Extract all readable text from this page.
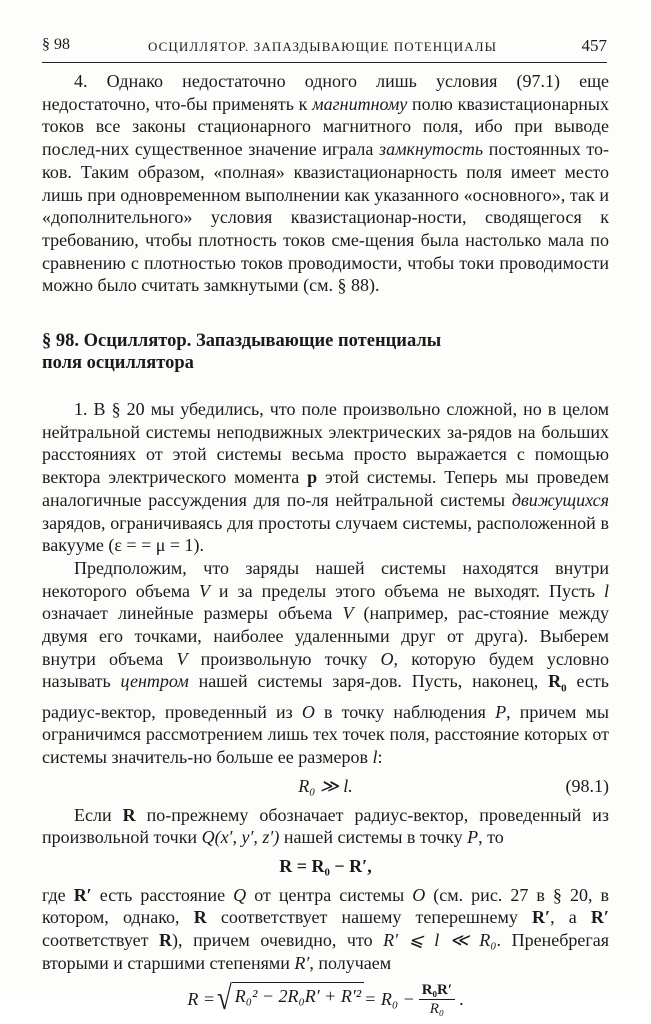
§ 98	ОСЦИЛЛЯТОР. ЗАПАЗДЫВАЮЩИЕ ПОТЕНЦИАЛЫ	457

4. Однако недостаточно одного лишь условия (97.1) еще недостаточно, что-бы применять к магнитному полю квазистационарных токов все законы стационарного магнитного поля, ибо при выводе послед-них существенное значение играла замкнутость постоянных то-ков. Таким образом, «полная» квазистационарность поля имеет место лишь при одновременном выполнении как указанного «основного», так и «дополнительного» условия квазистационар-ности, сводящегося к требованию, чтобы плотность токов сме-щения была настолько мала по сравнению с плотностью токов проводимости, чтобы токи проводимости можно было считать замкнутыми (см. § 88).

§ 98. Осциллятор. Запаздывающие потенциалы
поля осциллятора

1. В § 20 мы убедились, что поле произвольно сложной, но в целом нейтральной системы неподвижных электрических за-рядов на больших расстояниях от этой системы весьма просто выражается с помощью вектора электрического момента p этой системы. Теперь мы проведем аналогичные рассуждения для по-ля нейтральной системы движущихся зарядов, ограничиваясь для простоты случаем системы, расположенной в вакууме (ε = = μ = 1).

Предположим, что заряды нашей системы находятся внутри некоторого объема V и за пределы этого объема не выходят. Пусть l означает линейные размеры объема V (например, рас-стояние между двумя его точками, наиболее удаленными друг от друга). Выберем внутри объема V произвольную точку O, которую будем условно называть центром нашей системы заря-дов. Пусть, наконец, $R_0$ есть радиус-вектор, проведенный из O в точку наблюдения P, причем мы ограничимся рассмотрением лишь тех точек поля, расстояние которых от системы значитель-но больше ее размеров l:

R₀ ≫ l.	(98.1)

Если R по-прежнему обозначает радиус-вектор, проведенный из произвольной точки Q(x′, y′, z′) нашей системы в точку P, то

R = R₀ − R′,

где R′ есть расстояние Q от центра системы O (см. рис. 27 в § 20, в котором, однако, R соответствует нашему теперешнему R′, а R′ соответствует R), причем очевидно, что R′ ⩽ l ≪ R₀. Пренебрегая вторыми и старшими степенями R′, получаем

R = √ $R_0^2 - 2R_0R' + R'^2 = R_0 - \frac{\text{R₀R′}}{\text{R₀}}$ .
